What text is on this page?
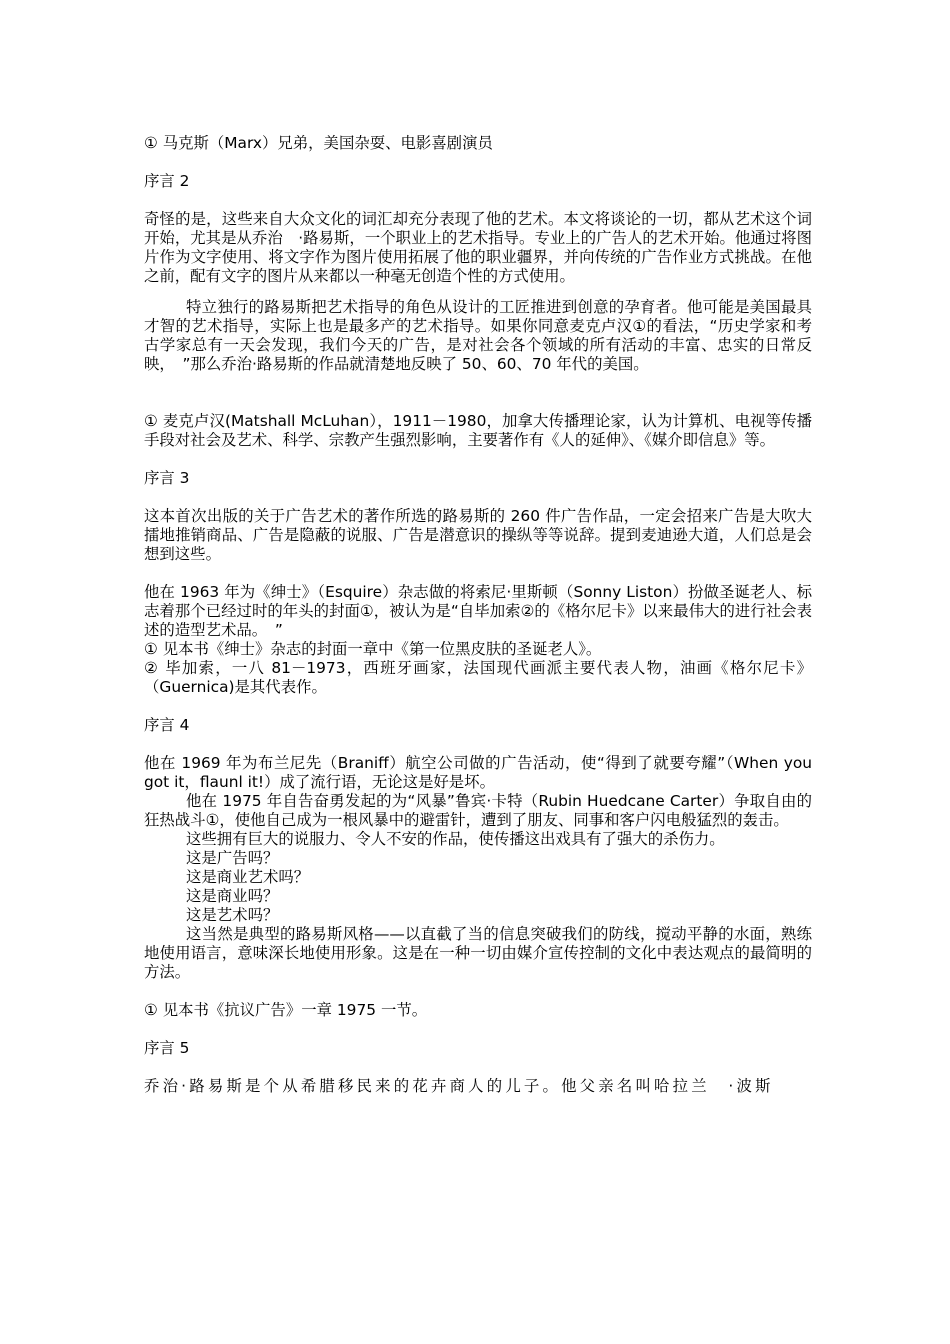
① 马克斯（Marx）兄弟，美国杂耍、电影喜剧演员

序言 2

奇怪的是，这些来自大众文化的词汇却充分表现了他的艺术。本文将谈论的一切，都从艺术这个词开始，尤其是从乔治　·路易斯，一个职业上的艺术指导。专业上的广告人的艺术开始。他通过将图片作为文字使用、将文字作为图片使用拓展了他的职业疆界，并向传统的广告作业方式挑战。在他之前，配有文字的图片从来都以一种毫无创造个性的方式使用。

特立独行的路易斯把艺术指导的角色从设计的工匠推进到创意的孕育者。他可能是美国最具才智的艺术指导，实际上也是最多产的艺术指导。如果你同意麦克卢汉①的看法，“历史学家和考古学家总有一天会发现，我们今天的广告，是对社会各个领域的所有活动的丰富、忠实的日常反映，　”那么乔治·路易斯的作品就清楚地反映了 50、60、70 年代的美国。

① 麦克卢汉(Matshall McLuhan），1911－1980，加拿大传播理论家，认为计算机、电视等传播手段对社会及艺术、科学、宗教产生强烈影响，主要著作有《人的延伸》、《媒介即信息》等。

序言 3

这本首次出版的关于广告艺术的著作所选的路易斯的 260 件广告作品，一定会招来广告是大吹大擂地推销商品、广告是隐蔽的说服、广告是潜意识的操纵等等说辞。提到麦迪逊大道，人们总是会想到这些。

他在 1963 年为《绅士》（Esquire）杂志做的将索尼·里斯顿（Sonny Liston）扮做圣诞老人、标志着那个已经过时的年头的封面①，被认为是“自毕加索②的《格尔尼卡》以来最伟大的进行社会表述的造型艺术品。　”

① 见本书《绅士》杂志的封面一章中《第一位黑皮肤的圣诞老人》。

② 毕加索，一八 81－1973，西班牙画家，法国现代画派主要代表人物，油画《格尔尼卡》（Guernica)是其代表作。

序言 4

他在 1969 年为布兰尼先（Braniff）航空公司做的广告活动，使“得到了就要夸耀”（When you got it，flaunl it!）成了流行语，无论这是好是坏。

他在 1975 年自告奋勇发起的为“风暴”鲁宾·卡特（Rubin Huedcane Carter）争取自由的狂热战斗①，使他自己成为一根风暴中的避雷针，遭到了朋友、同事和客户闪电般猛烈的轰击。

这些拥有巨大的说服力、令人不安的作品，使传播这出戏具有了强大的杀伤力。

这是广告吗？

这是商业艺术吗？

这是商业吗？

这是艺术吗？

这当然是典型的路易斯风格——以直截了当的信息突破我们的防线，搅动平静的水面，熟练地使用语言，意味深长地使用形象。这是在一种一切由媒介宣传控制的文化中表达观点的最简明的方法。

① 见本书《抗议广告》一章 1975 一节。

序言 5

乔治·路易斯是个从希腊移民来的花卉商人的儿子。他父亲名叫哈拉兰　·波斯
